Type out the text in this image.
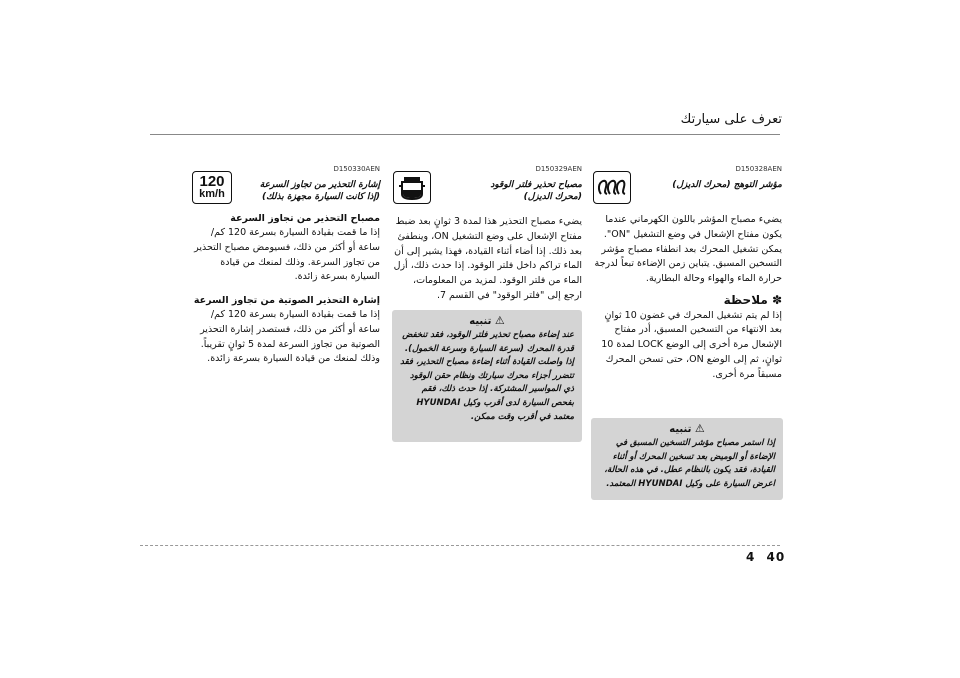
تعرف على سيارتك
D150328AEN
مؤشر التوهج (محرك الديزل)
يضيء مصباح المؤشر باللون الكهرماني عندما يكون مفتاح الإشعال في وضع التشغيل "ON". يمكن تشغيل المحرك بعد انطفاء مصباح مؤشر التسخين المسبق. يتباين زمن الإضاءة تبعاً لدرجة حرارة الماء والهواء وحالة البطارية.
✽ ملاحظة
إذا لم يتم تشغيل المحرك في غضون 10 ثوانٍ بعد الانتهاء من التسخين المسبق، أدر مفتاح الإشعال مرة أخرى إلى الوضع LOCK لمدة 10 ثوانٍ، ثم إلى الوضع ON، حتى تسخن المحرك مسبقاً مرة أخرى.
تنبيه ⚠
إذا استمر مصباح مؤشر التسخين المسبق في الإضاءة أو الوميض بعد تسخين المحرك أو أثناء القيادة، فقد يكون بالنظام عطل. في هذه الحالة، اعرض السيارة على وكيل HYUNDAI المعتمد.
D150329AEN
مصباح تحذير فلتر الوقود
(محرك الديزل)
يضيء مصباح التحذير هذا لمدة 3 ثوانٍ بعد ضبط مفتاح الإشعال على وضع التشغيل ON، وينطفئ بعد ذلك. إذا أضاء أثناء القيادة، فهذا يشير إلى أن الماء تراكم داخل فلتر الوقود. إذا حدث ذلك، أزل الماء من فلتر الوقود. لمزيد من المعلومات، ارجع إلى "فلتر الوقود" في القسم 7.
تنبيه ⚠
عند إضاءة مصباح تحذير فلتر الوقود، فقد تنخفض قدرة المحرك (سرعة السيارة وسرعة الخمول). إذا واصلت القيادة أثناء إضاءة مصباح التحذير، فقد تتضرر أجزاء محرك سيارتك ونظام حقن الوقود ذي المواسير المشتركة. إذا حدث ذلك، فقم بفحص السيارة لدى أقرب وكيل HYUNDAI معتمد في أقرب وقت ممكن.
D150330AEN
إشارة التحذير من تجاوز السرعة
(إذا كانت السيارة مجهزة بذلك)
مصباح التحذير من تجاوز السرعة
إذا ما قمت بقيادة السيارة بسرعة 120 كم/ ساعة أو أكثر من ذلك، فسيومض مصباح التحذير من تجاوز السرعة. وذلك لمنعك من قيادة السيارة بسرعة زائدة.
إشارة التحذير الصوتية من تجاوز السرعة
إذا ما قمت بقيادة السيارة بسرعة 120 كم/ ساعة أو أكثر من ذلك، فستصدر إشارة التحذير الصوتية من تجاوز السرعة لمدة 5 ثوانٍ تقريباً. وذلك لمنعك من قيادة السيارة بسرعة زائدة.
120
km/h
4 40
